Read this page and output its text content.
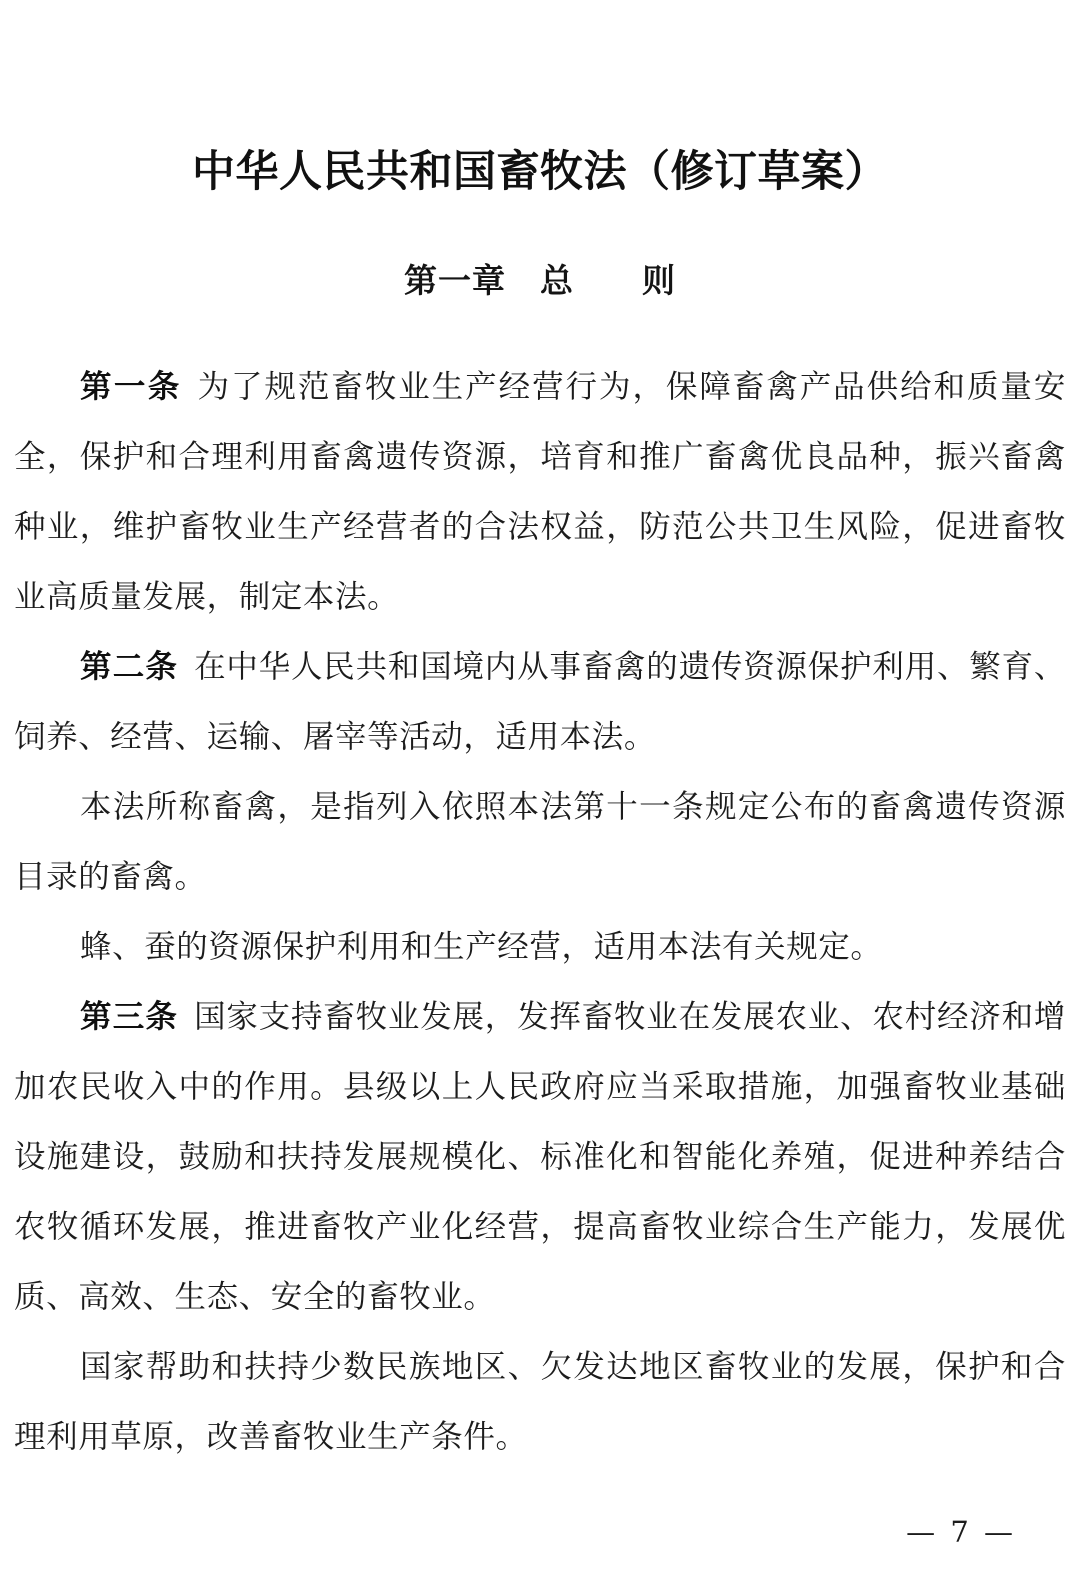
中华人民共和国畜牧法（修订草案）
第一章　总　　则

第一条 为了规范畜牧业生产经营行为，保障畜禽产品供给和质量安全，保护和合理利用畜禽遗传资源，培育和推广畜禽优良品种，振兴畜禽种业，维护畜牧业生产经营者的合法权益，防范公共卫生风险，促进畜牧业高质量发展，制定本法。

第二条 在中华人民共和国境内从事畜禽的遗传资源保护利用、繁育、饲养、经营、运输、屠宰等活动，适用本法。

本法所称畜禽，是指列入依照本法第十一条规定公布的畜禽遗传资源目录的畜禽。

蜂、蚕的资源保护利用和生产经营，适用本法有关规定。

第三条 国家支持畜牧业发展，发挥畜牧业在发展农业、农村经济和增加农民收入中的作用。县级以上人民政府应当采取措施，加强畜牧业基础设施建设，鼓励和扶持发展规模化、标准化和智能化养殖，促进种养结合农牧循环发展，推进畜牧产业化经营，提高畜牧业综合生产能力，发展优质、高效、生态、安全的畜牧业。

国家帮助和扶持少数民族地区、欠发达地区畜牧业的发展，保护和合理利用草原，改善畜牧业生产条件。

— 7 —
